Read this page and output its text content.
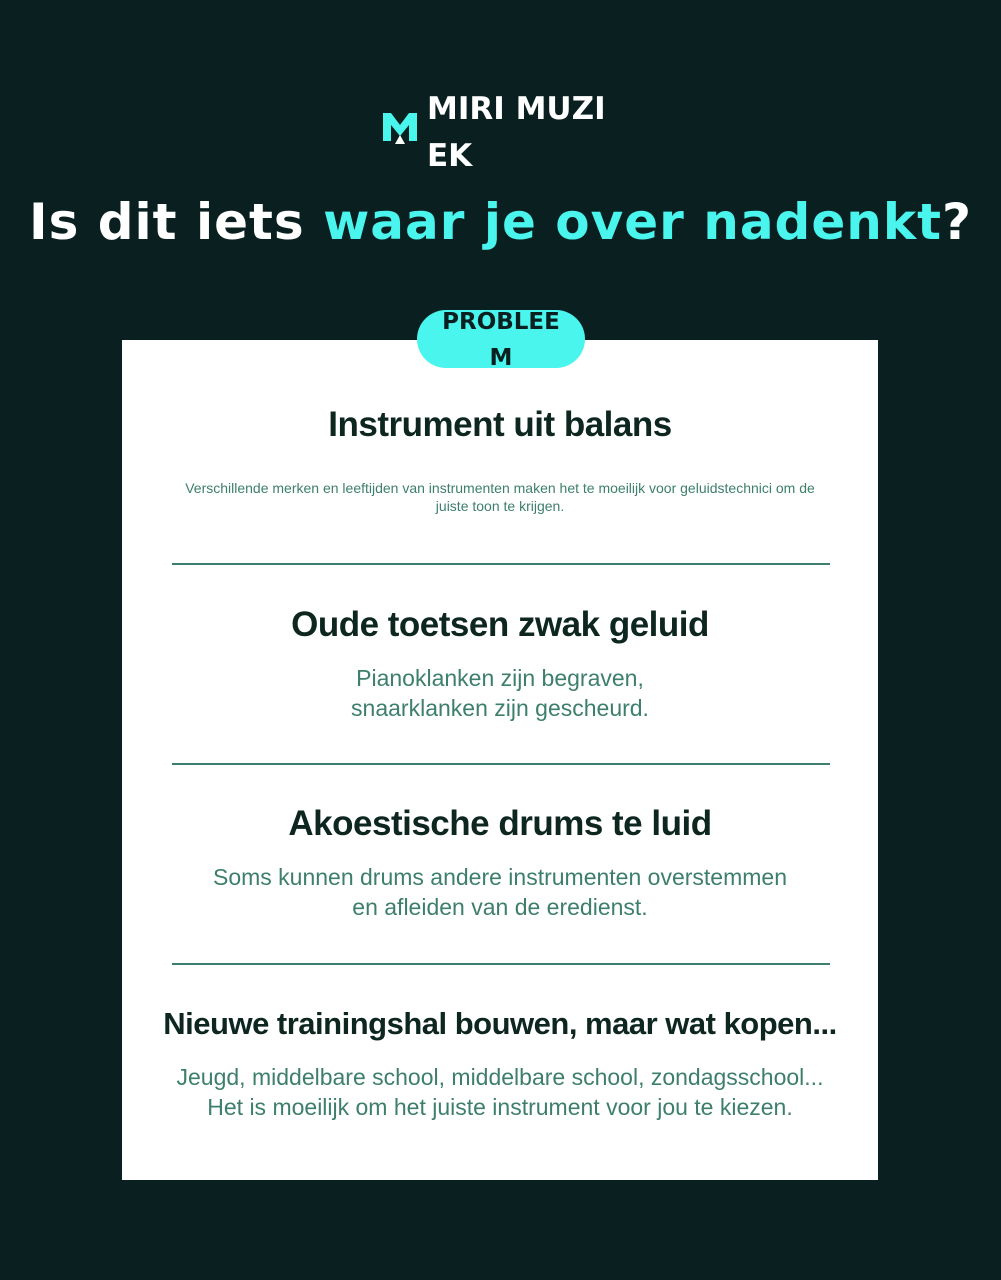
MIRI MUZIEK
Is dit iets waar je over nadenkt?
PROBLEEM
Instrument uit balans

Verschillende merken en leeftijden van instrumenten maken het te moeilijk voor geluidstechnici om de juiste toon te krijgen.

Oude toetsen zwak geluid

Pianoklanken zijn begraven,
snaarklanken zijn gescheurd.

Akoestische drums te luid

Soms kunnen drums andere instrumenten overstemmen
en afleiden van de eredienst.

Nieuwe trainingshal bouwen, maar wat kopen...

Jeugd, middelbare school, middelbare school, zondagsschool...
Het is moeilijk om het juiste instrument voor jou te kiezen.
